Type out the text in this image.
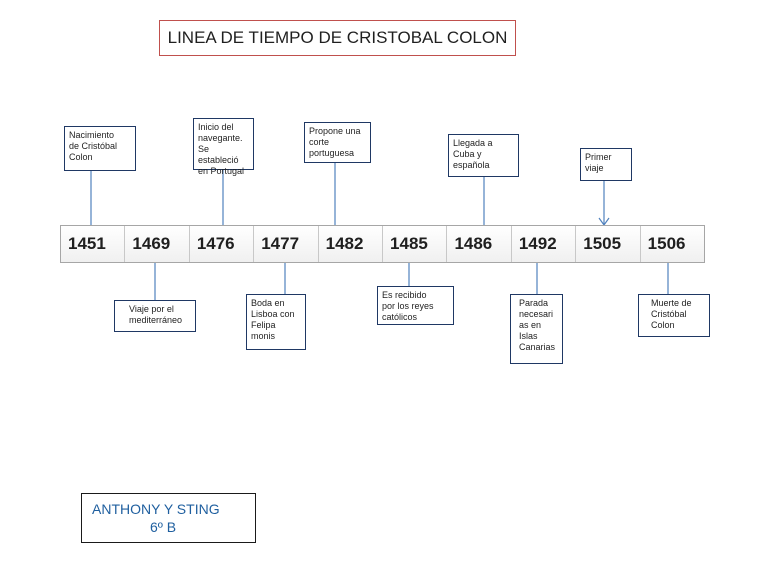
LINEA DE TIEMPO DE CRISTOBAL COLON
Nacimiento
de Cristóbal
Colon
Inicio del
navegante.
Se estableció
en Portugal
Propone una
corte
portuguesa
Llegada a
Cuba y
española
Primer
viaje
1451	1469	1476	1477	1482	1485	1486	1492	1505	1506
Viaje por el
mediterráneo
Boda en
Lisboa con
Felipa
monis
Es recibido
por los reyes
católicos
Parada
necesari
as en
Islas
Canarias
Muerte de
Cristóbal
Colon
ANTHONY Y STING
6º B
